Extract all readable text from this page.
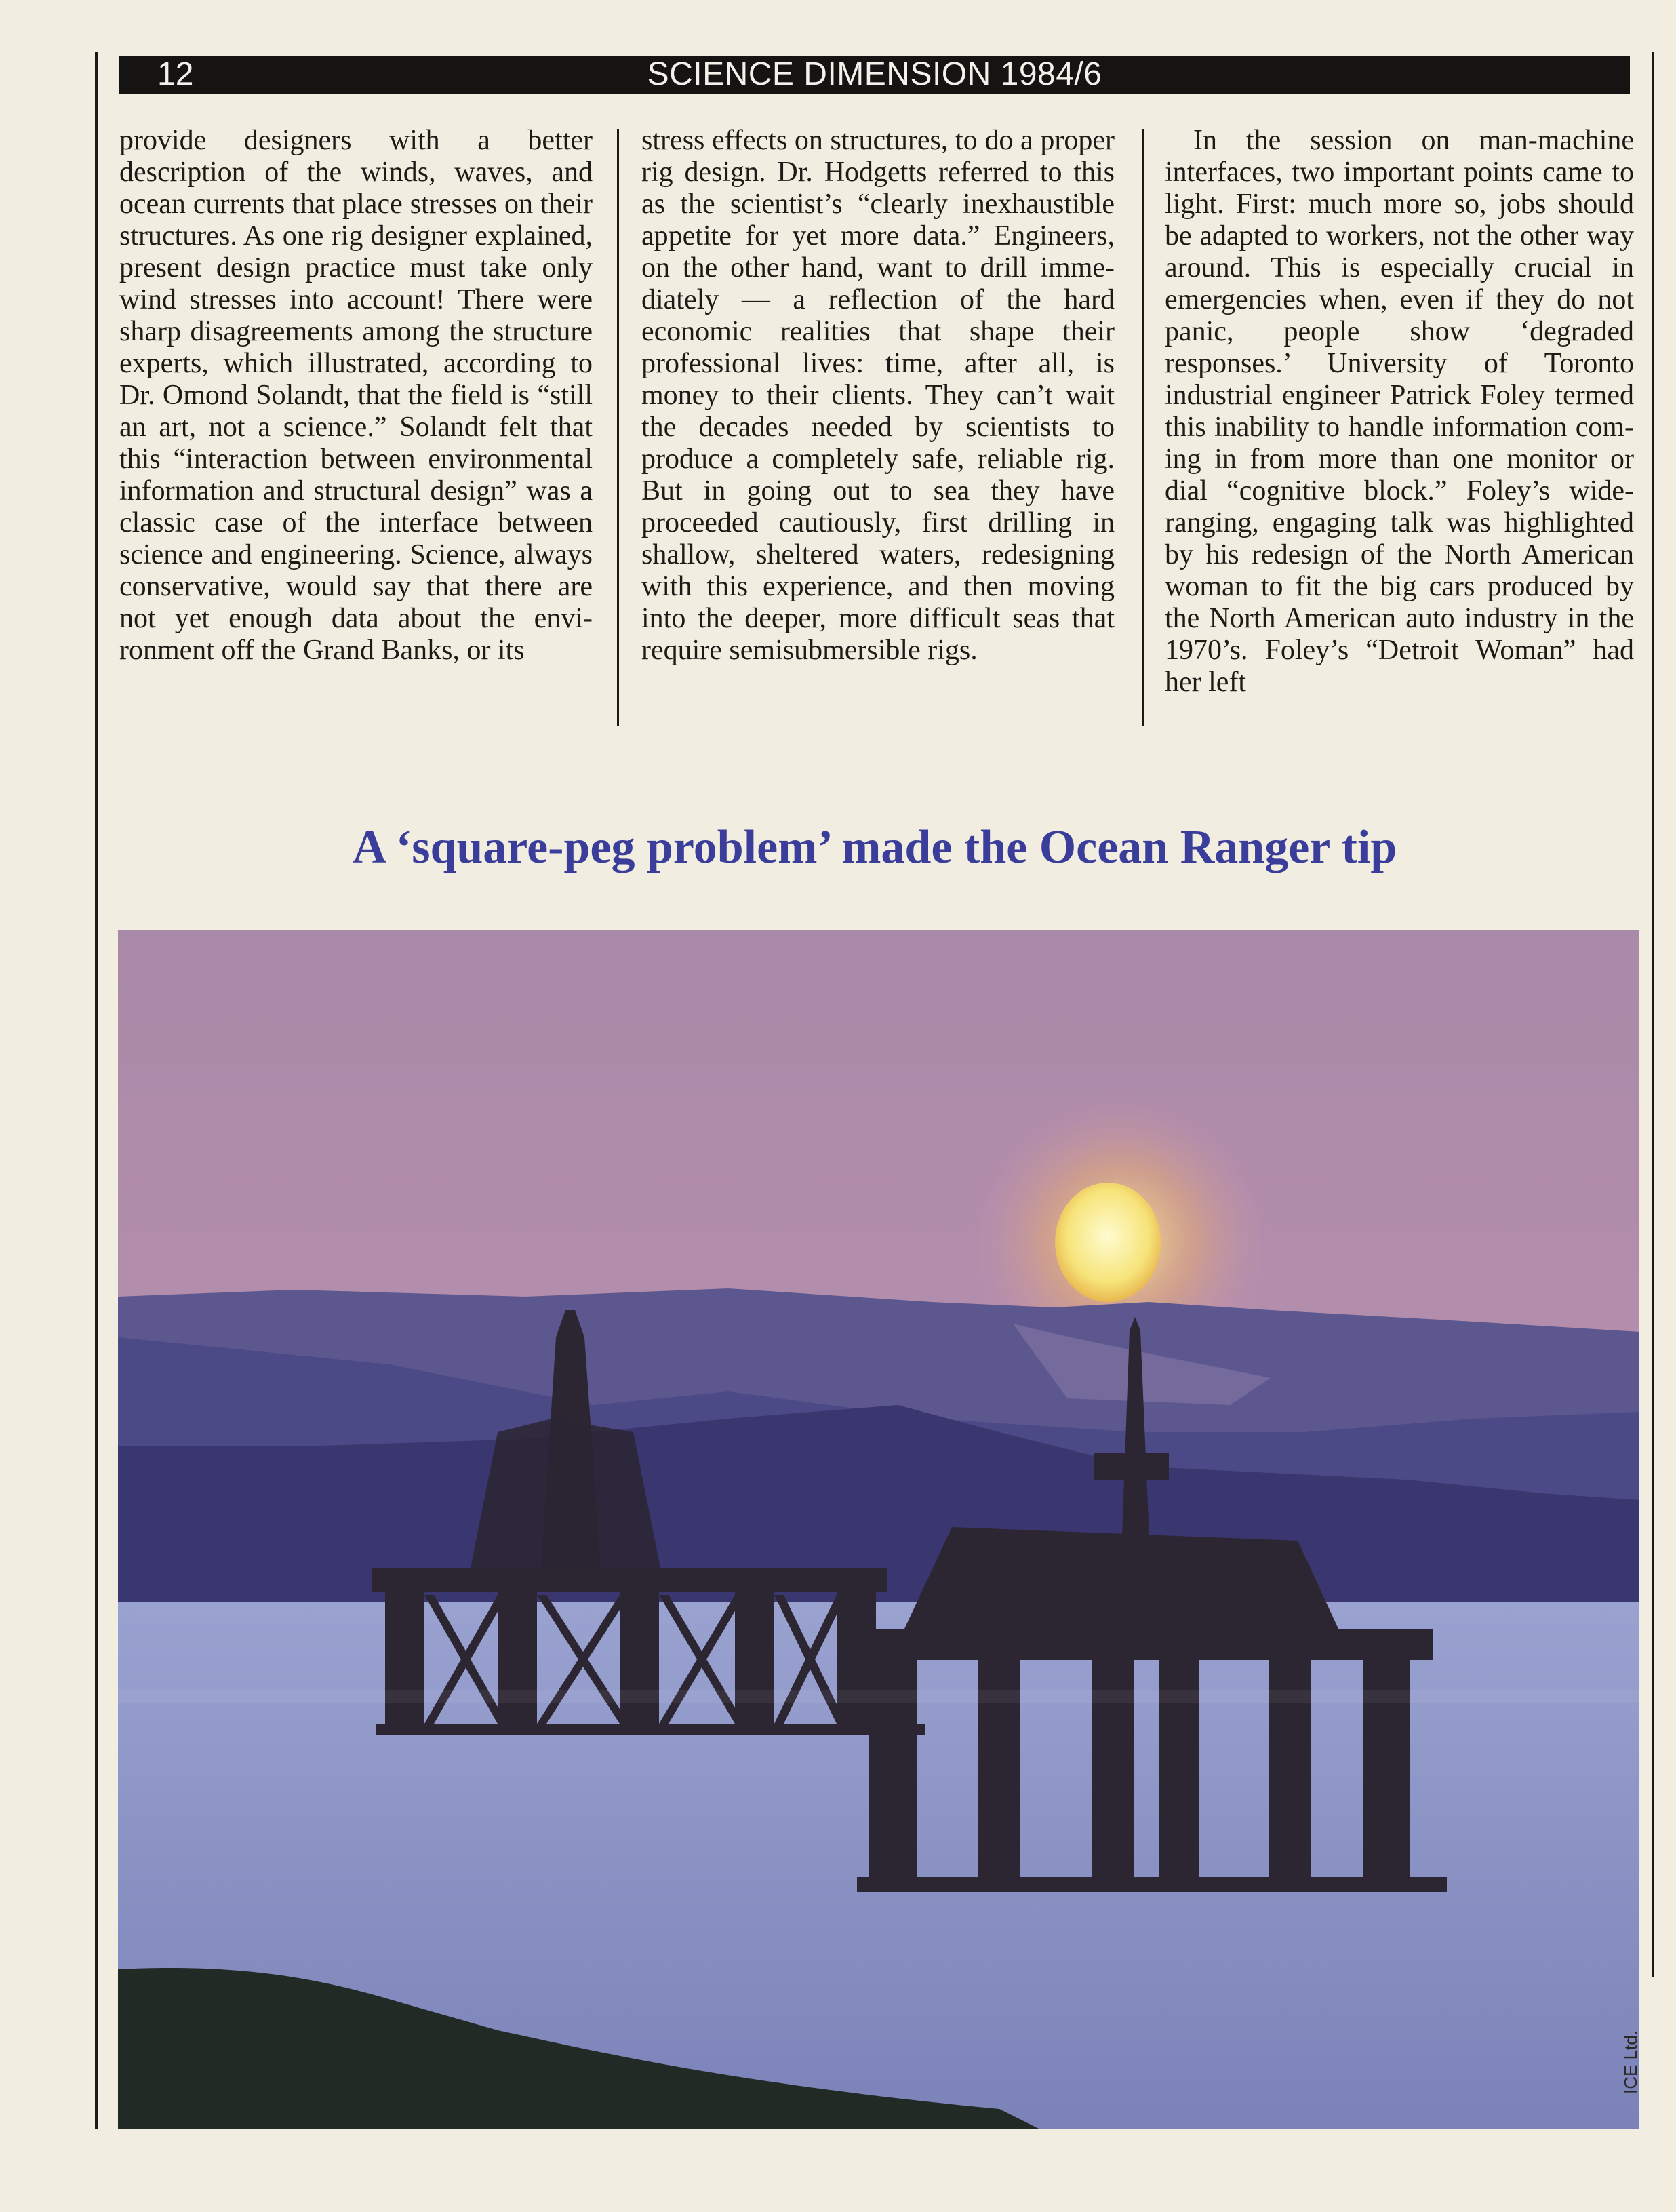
12	SCIENCE DIMENSION 1984/6
provide designers with a better description of the winds, waves, and ocean currents that place stresses on their structures. As one rig designer explained, present design practice must take only wind stresses into account! There were sharp disagreements among the structure experts, which illustrated, according to Dr. Omond Solandt, that the field is “still an art, not a science.” Solandt felt that this “interaction between environmental information and structural design” was a classic case of the interface between science and engineering. Science, always conservative, would say that there are not yet enough data about the environment off the Grand Banks, or its
stress effects on structures, to do a proper rig design. Dr. Hodgetts referred to this as the scientist’s “clearly inexhaustible appetite for yet more data.” Engineers, on the other hand, want to drill immediately — a reflection of the hard economic realities that shape their professional lives: time, after all, is money to their clients. They can’t wait the decades needed by scientists to produce a completely safe, reliable rig. But in going out to sea they have proceeded cautiously, first drilling in shallow, sheltered waters, redesigning with this experience, and then moving into the deeper, more difficult seas that require semisubmersible rigs.
In the session on man-machine interfaces, two important points came to light. First: much more so, jobs should be adapted to workers, not the other way around. This is especially crucial in emergencies when, even if they do not panic, people show ‘degraded responses.’ University of Toronto industrial engineer Patrick Foley termed this inability to handle information coming in from more than one monitor or dial “cognitive block.” Foley’s wide-ranging, engaging talk was highlighted by his redesign of the North American woman to fit the big cars produced by the North American auto industry in the 1970’s. Foley’s “Detroit Woman” had her left
A ‘square-peg problem’ made the Ocean Ranger tip
ICE Ltd.
